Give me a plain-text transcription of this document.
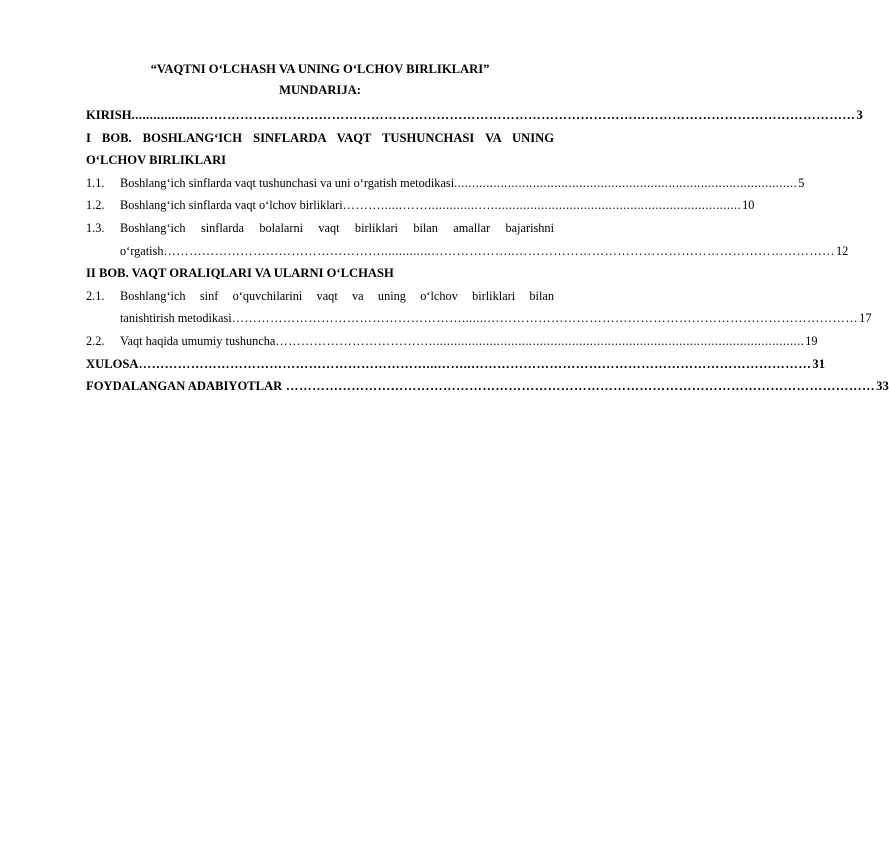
“VAQTNI O‘LCHASH VA UNING O‘LCHOV BIRLIKLARI”
MUNDARIJA:
KIRISH ...................…………………………………………………………………………………………………………………………………… 3
I BOB. BOSHLANG‘ICH SINFLARDA VAQT TUSHUNCHASI VA UNING
O‘LCHOV BIRLIKLARI
1.1.	Boshlang‘ich sinflarda vaqt tushunchasi va uni o‘rgatish metodikasi ................................................................................................ 5
1.2.	Boshlang‘ich sinflarda vaqt o‘lchov birliklari ………......……..............…...................................................................... 10
1.3.	Boshlang‘ich sinflarda bolalarni vaqt birliklari bilan amallar bajarishni
o‘rgatish ……………………………………………..............………………..………………………………………………………………… 12
II BOB. VAQT ORALIQLARI VA ULARNI O‘LCHASH
2.1.	Boshlang‘ich sinf o‘quvchilarini vaqt va uning o‘lchov birliklari bilan
tanishtirish metodikasi ……………………………………………….......…………………………………………………………………………… 17
2.2.	Vaqt haqida umumiy tushuncha ………………………………......................................................................................................... 19
XULOSA …………………………………………………………...……..…………………………………………………………………… 31
FOYDALANGAN ADABIYOTLAR ……………………………………………………………………………………………………………………… 33
